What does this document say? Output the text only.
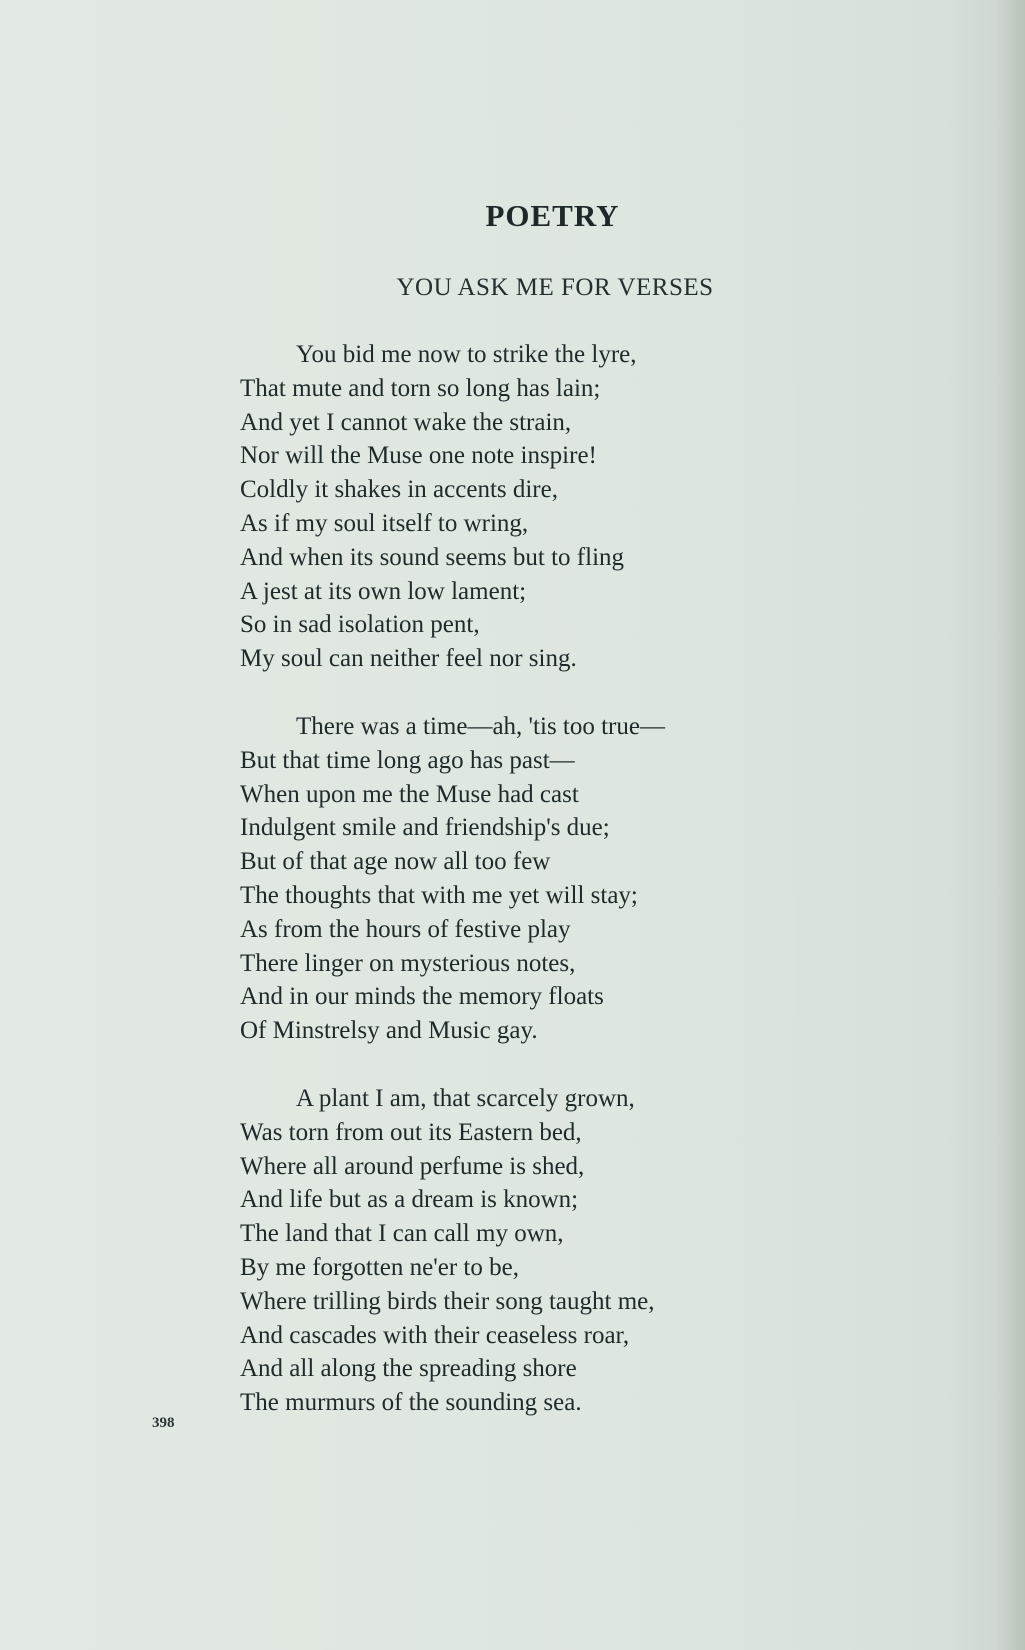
POETRY
YOU ASK ME FOR VERSES
You bid me now to strike the lyre,
That mute and torn so long has lain;
And yet I cannot wake the strain,
Nor will the Muse one note inspire!
Coldly it shakes in accents dire,
As if my soul itself to wring,
And when its sound seems but to fling
A jest at its own low lament;
So in sad isolation pent,
My soul can neither feel nor sing.
There was a time—ah, 'tis too true—
But that time long ago has past—
When upon me the Muse had cast
Indulgent smile and friendship's due;
But of that age now all too few
The thoughts that with me yet will stay;
As from the hours of festive play
There linger on mysterious notes,
And in our minds the memory floats
Of Minstrelsy and Music gay.
A plant I am, that scarcely grown,
Was torn from out its Eastern bed,
Where all around perfume is shed,
And life but as a dream is known;
The land that I can call my own,
By me forgotten ne'er to be,
Where trilling birds their song taught me,
And cascades with their ceaseless roar,
And all along the spreading shore
The murmurs of the sounding sea.
398
